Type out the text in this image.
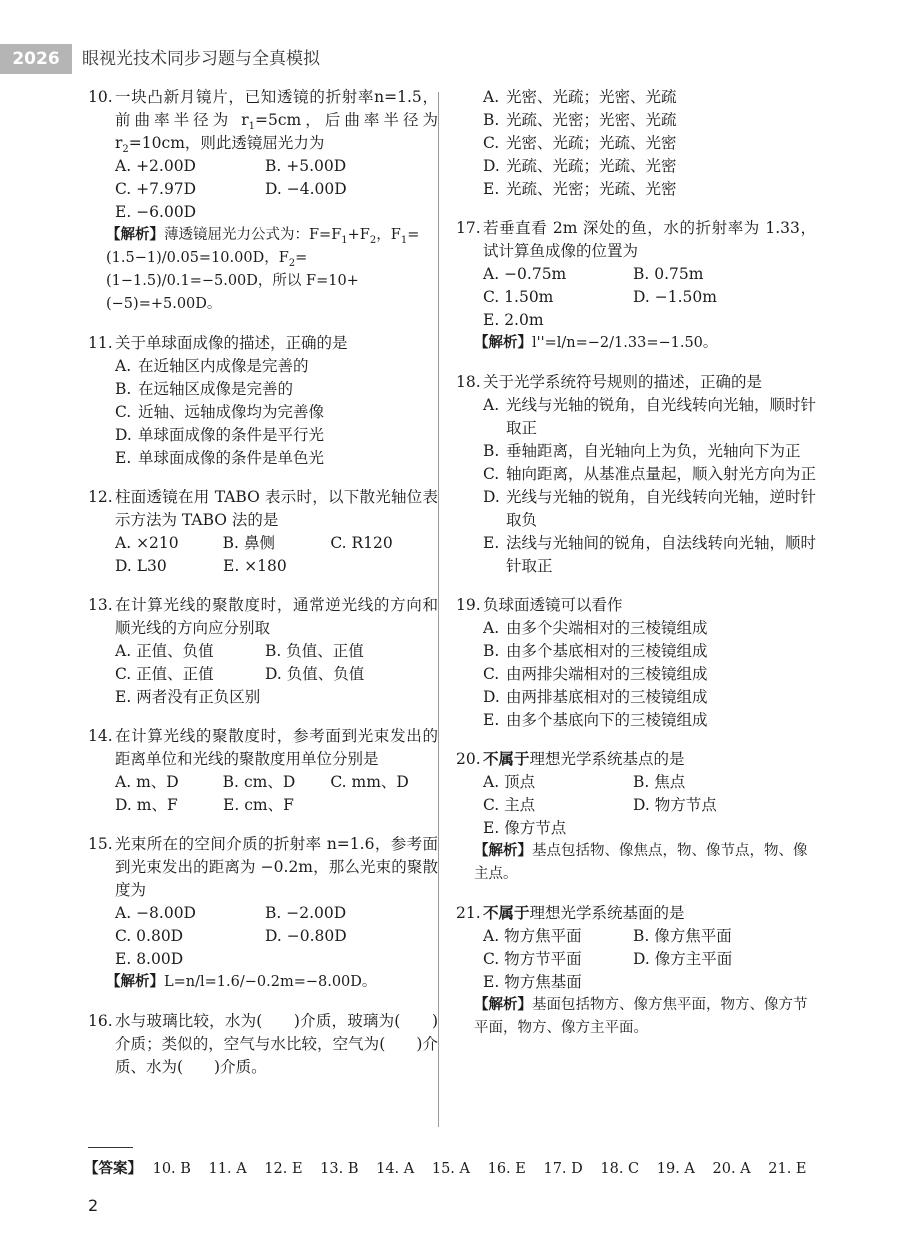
2026	眼视光技术同步习题与全真模拟
10. 一块凸新月镜片，已知透镜的折射率n=1.5，前曲率半径为 $r_1=5cm$，后曲率半径为 $r_2=10cm$，则此透镜屈光力为
A. +2.00D	B. +5.00D
C. +7.97D	D. −4.00D
E. −6.00D
【解析】薄透镜屈光力公式为：$F=F_1+F_2$，$F_1=(1.5-1)/0.05=10.00D$，$F_2=(1-1.5)/0.1=-5.00D$，所以 F=10+(−5)=+5.00D。
11. 关于单球面成像的描述，正确的是
A. 在近轴区内成像是完善的
B. 在远轴区成像是完善的
C. 近轴、远轴成像均为完善像
D. 单球面成像的条件是平行光
E. 单球面成像的条件是单色光
12. 柱面透镜在用 TABO 表示时，以下散光轴位表示方法为 TABO 法的是
A. ×210	B. 鼻侧	C. R120
D. L30	E. ×180
13. 在计算光线的聚散度时，通常逆光线的方向和顺光线的方向应分别取
A. 正值、负值	B. 负值、正值
C. 正值、正值	D. 负值、负值
E. 两者没有正负区别
14. 在计算光线的聚散度时，参考面到光束发出的距离单位和光线的聚散度用单位分别是
A. m、D	B. cm、D	C. mm、D
D. m、F	E. cm、F
15. 光束所在的空间介质的折射率 n=1.6，参考面到光束发出的距离为 −0.2m，那么光束的聚散度为
A. −8.00D	B. −2.00D
C. 0.80D	D. −0.80D
E. 8.00D
【解析】L=n/l=1.6/−0.2m=−8.00D。
16. 水与玻璃比较，水为(　　)介质，玻璃为(　　)介质；类似的，空气与水比较，空气为(　　)介质、水为(　　)介质。
A. 光密、光疏；光密、光疏
B. 光疏、光密；光密、光疏
C. 光密、光疏；光疏、光密
D. 光疏、光疏；光疏、光密
E. 光疏、光密；光疏、光密
17. 若垂直看 2m 深处的鱼，水的折射率为 1.33，试计算鱼成像的位置为
A. −0.75m	B. 0.75m
C. 1.50m	D. −1.50m
E. 2.0m
【解析】l''=l/n=−2/1.33=−1.50。
18. 关于光学系统符号规则的描述，正确的是
A. 光线与光轴的锐角，自光线转向光轴，顺时针取正
B. 垂轴距离，自光轴向上为负，光轴向下为正
C. 轴向距离，从基准点量起，顺入射光方向为正
D. 光线与光轴的锐角，自光线转向光轴，逆时针取负
E. 法线与光轴间的锐角，自法线转向光轴，顺时针取正
19. 负球面透镜可以看作
A. 由多个尖端相对的三棱镜组成
B. 由多个基底相对的三棱镜组成
C. 由两排尖端相对的三棱镜组成
D. 由两排基底相对的三棱镜组成
E. 由多个基底向下的三棱镜组成
20. 不属于理想光学系统基点的是
A. 顶点	B. 焦点
C. 主点	D. 物方节点
E. 像方节点
【解析】基点包括物、像焦点，物、像节点，物、像主点。
21. 不属于理想光学系统基面的是
A. 物方焦平面	B. 像方焦平面
C. 物方节平面	D. 像方主平面
E. 物方焦基面
【解析】基面包括物方、像方焦平面，物方、像方节平面，物方、像方主平面。
【答案】 10. B 11. A 12. E 13. B 14. A 15. A 16. E 17. D 18. C 19. A 20. A 21. E
2
